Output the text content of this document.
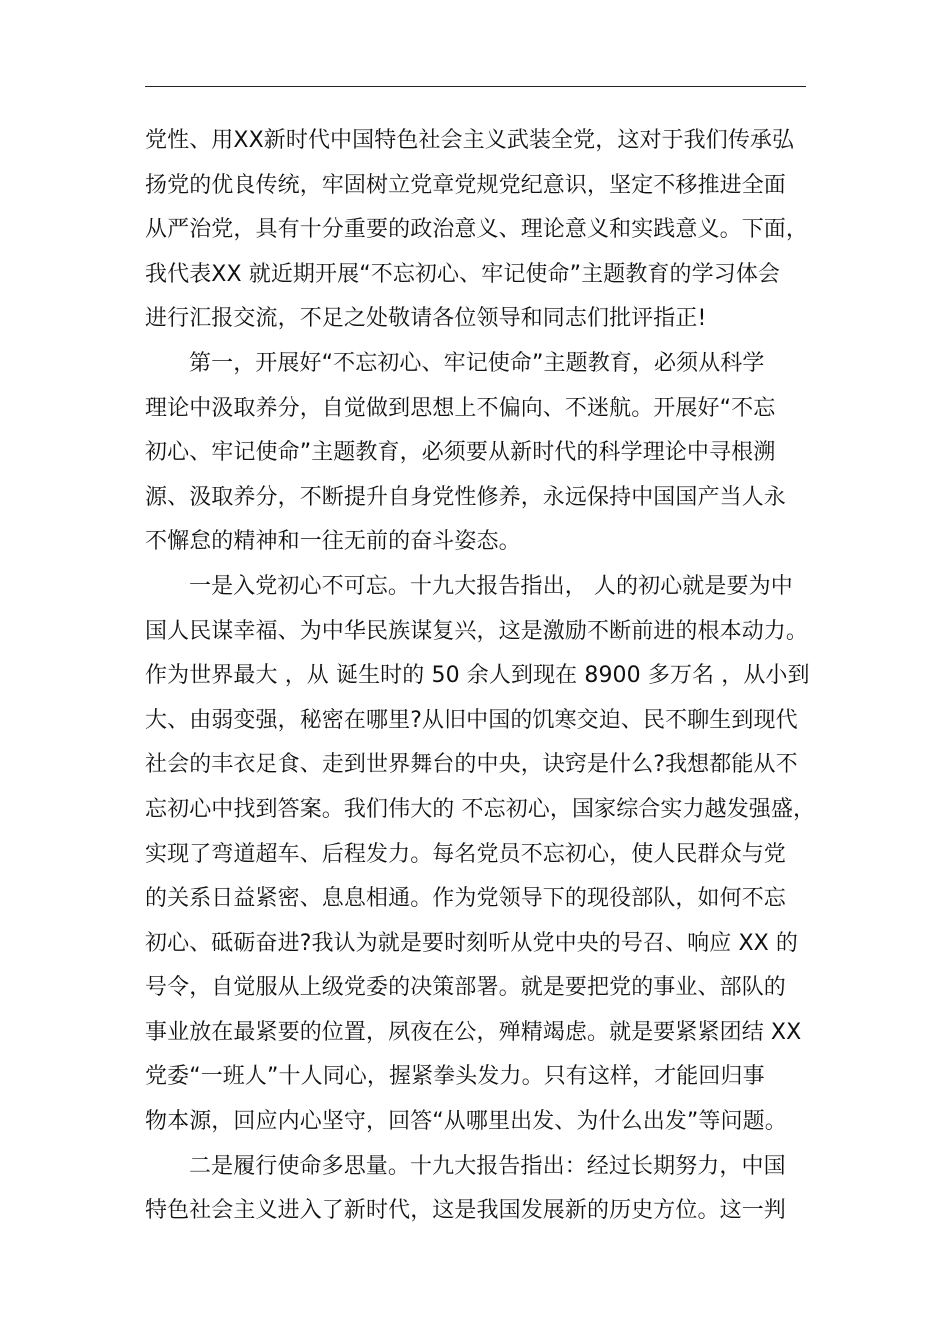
党性、用XX新时代中国特色社会主义武装全党，这对于我们传承弘
扬党的优良传统，牢固树立党章党规党纪意识，坚定不移推进全面
从严治党，具有十分重要的政治意义、理论意义和实践意义。下面，
我代表XX 就近期开展“不忘初心、牢记使命”主题教育的学习体会
进行汇报交流，不足之处敬请各位领导和同志们批评指正!
第一，开展好“不忘初心、牢记使命”主题教育，必须从科学
理论中汲取养分，自觉做到思想上不偏向、不迷航。开展好“不忘
初心、牢记使命”主题教育，必须要从新时代的科学理论中寻根溯
源、汲取养分，不断提升自身党性修养，永远保持中国国产当人永
不懈怠的精神和一往无前的奋斗姿态。
一是入党初心不可忘。十九大报告指出， 人的初心就是要为中
国人民谋幸福、为中华民族谋复兴，这是激励不断前进的根本动力。
作为世界最大 ，从 诞生时的 50 余人到现在 8900 多万名 ，从小到
大、由弱变强，秘密在哪里?从旧中国的饥寒交迫、民不聊生到现代
社会的丰衣足食、走到世界舞台的中央，诀窍是什么?我想都能从不
忘初心中找到答案。我们伟大的 不忘初心，国家综合实力越发强盛，
实现了弯道超车、后程发力。每名党员不忘初心，使人民群众与党
的关系日益紧密、息息相通。作为党领导下的现役部队，如何不忘
初心、砥砺奋进?我认为就是要时刻听从党中央的号召、响应 XX 的
号令，自觉服从上级党委的决策部署。就是要把党的事业、部队的
事业放在最紧要的位置，夙夜在公，殚精竭虑。就是要紧紧团结 XX
党委“一班人”十人同心，握紧拳头发力。只有这样，才能回归事
物本源，回应内心坚守，回答“从哪里出发、为什么出发”等问题。
二是履行使命多思量。十九大报告指出：经过长期努力，中国
特色社会主义进入了新时代，这是我国发展新的历史方位。这一判
